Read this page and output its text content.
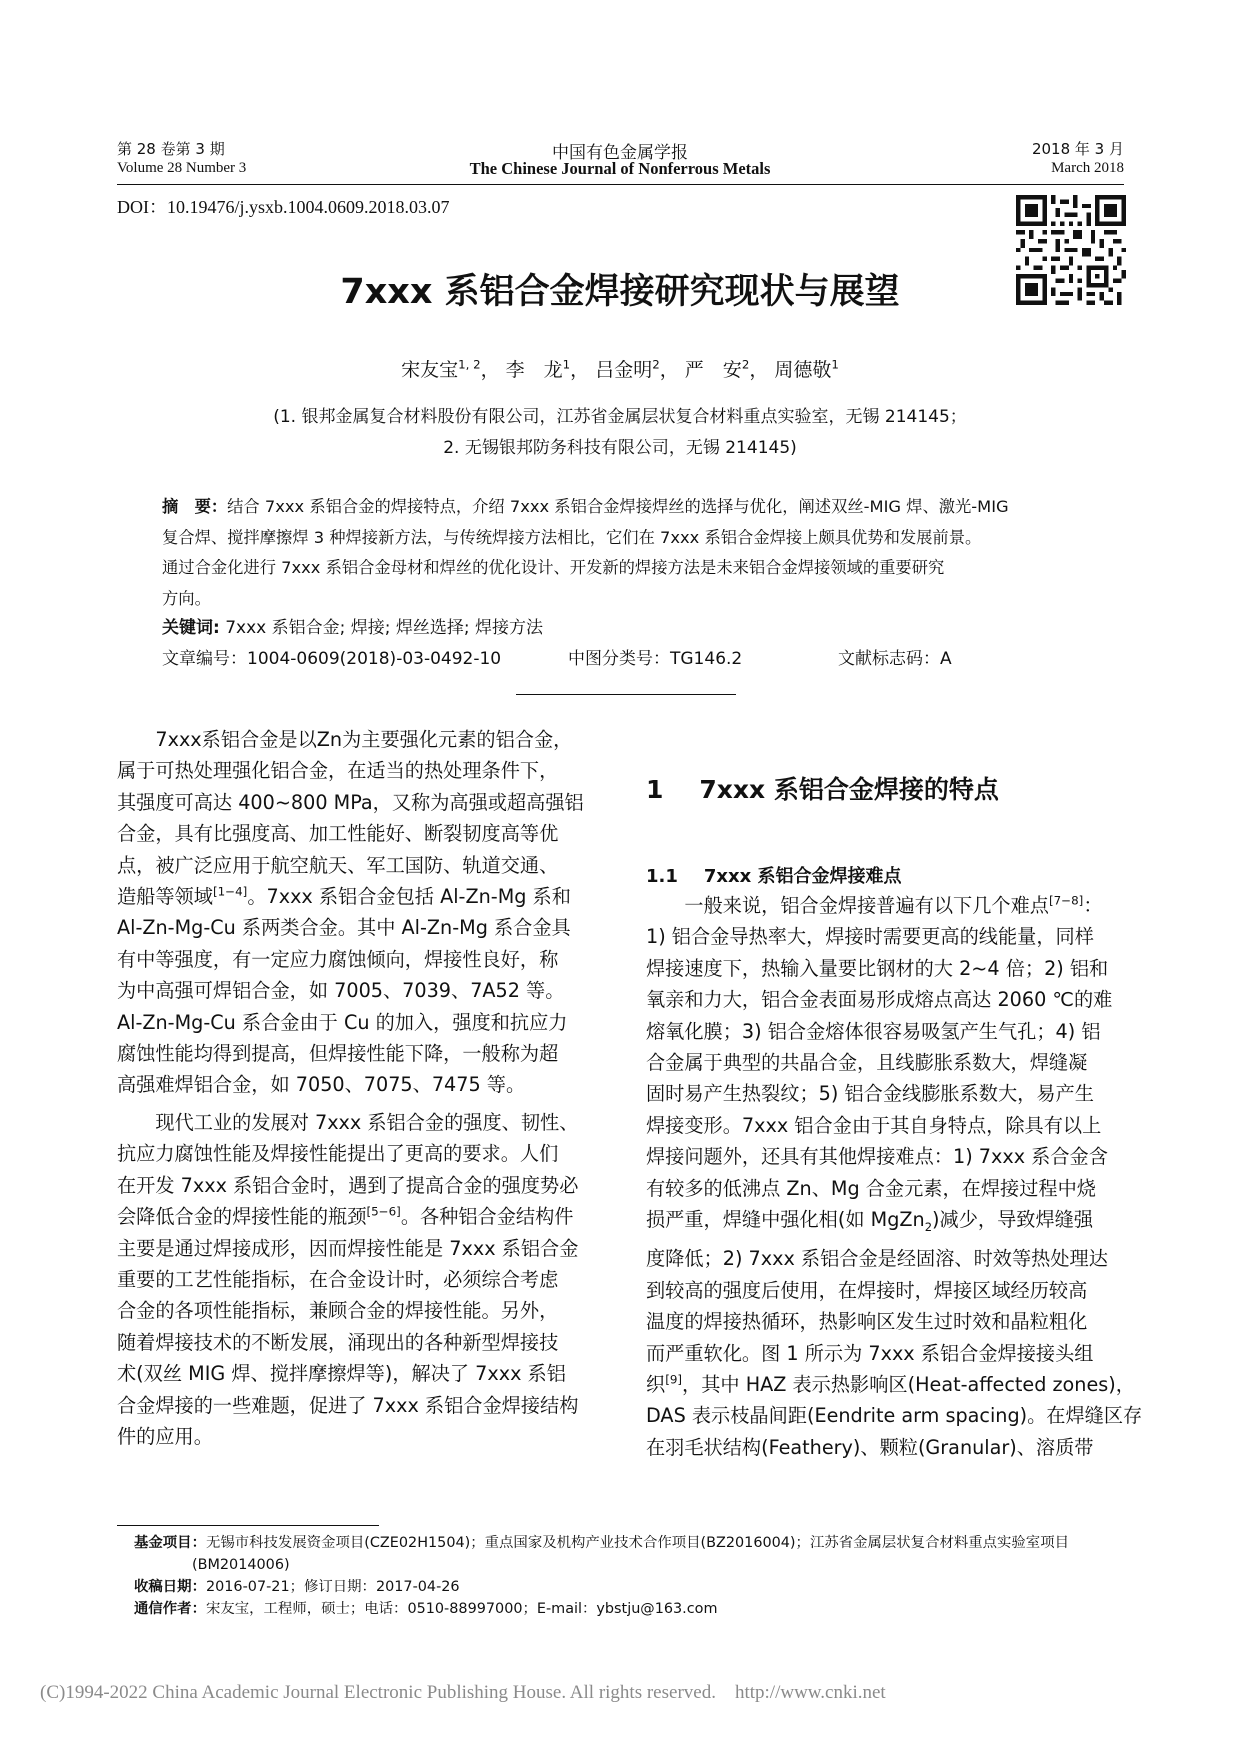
第 28 卷第 3 期
Volume 28 Number 3
中国有色金属学报
The Chinese Journal of Nonferrous Metals
2018 年 3 月
March 2018
DOI：10.19476/j.ysxb.1004.0609.2018.03.07
7xxx 系铝合金焊接研究现状与展望
宋友宝$^{1, 2}$， 李　龙$^1$， 吕金明$^2$， 严　安$^2$， 周德敬$^1$
(1. 银邦金属复合材料股份有限公司，江苏省金属层状复合材料重点实验室，无锡 214145；
2. 无锡银邦防务科技有限公司，无锡 214145)
摘　要：结合 7xxx 系铝合金的焊接特点，介绍 7xxx 系铝合金焊接焊丝的选择与优化，阐述双丝-MIG 焊、激光-MIG
复合焊、搅拌摩擦焊 3 种焊接新方法，与传统焊接方法相比，它们在 7xxx 系铝合金焊接上颇具优势和发展前景。
通过合金化进行 7xxx 系铝合金母材和焊丝的优化设计、开发新的焊接方法是未来铝合金焊接领域的重要研究
方向。
关键词: 7xxx 系铝合金; 焊接; 焊丝选择; 焊接方法
文章编号：1004-0609(2018)-03-0492-10	中图分类号：TG146.2	文献标志码：A
7xxx系铝合金是以Zn为主要强化元素的铝合金，
属于可热处理强化铝合金，在适当的热处理条件下，
其强度可高达 400~800 MPa，又称为高强或超高强铝
合金，具有比强度高、加工性能好、断裂韧度高等优
点，被广泛应用于航空航天、军工国防、轨道交通、
造船等领域[1−4]。7xxx 系铝合金包括 Al-Zn-Mg 系和
Al-Zn-Mg-Cu 系两类合金。其中 Al-Zn-Mg 系合金具
有中等强度，有一定应力腐蚀倾向，焊接性良好，称
为中高强可焊铝合金，如 7005、7039、7A52 等。
Al-Zn-Mg-Cu 系合金由于 Cu 的加入，强度和抗应力
腐蚀性能均得到提高，但焊接性能下降，一般称为超
高强难焊铝合金，如 7050、7075、7475 等。
现代工业的发展对 7xxx 系铝合金的强度、韧性、
抗应力腐蚀性能及焊接性能提出了更高的要求。人们
在开发 7xxx 系铝合金时，遇到了提高合金的强度势必
会降低合金的焊接性能的瓶颈[5−6]。各种铝合金结构件
主要是通过焊接成形，因而焊接性能是 7xxx 系铝合金
重要的工艺性能指标，在合金设计时，必须综合考虑
合金的各项性能指标，兼顾合金的焊接性能。另外，
随着焊接技术的不断发展，涌现出的各种新型焊接技
术(双丝 MIG 焊、搅拌摩擦焊等)，解决了 7xxx 系铝
合金焊接的一些难题，促进了 7xxx 系铝合金焊接结构
件的应用。
1 7xxx 系铝合金焊接的特点
1.1 7xxx 系铝合金焊接难点
一般来说，铝合金焊接普遍有以下几个难点[7−8]：
1) 铝合金导热率大，焊接时需要更高的线能量，同样
焊接速度下，热输入量要比钢材的大 2~4 倍；2) 铝和
氧亲和力大，铝合金表面易形成熔点高达 2060 ℃的难
熔氧化膜；3) 铝合金熔体很容易吸氢产生气孔；4) 铝
合金属于典型的共晶合金，且线膨胀系数大，焊缝凝
固时易产生热裂纹；5) 铝合金线膨胀系数大，易产生
焊接变形。7xxx 铝合金由于其自身特点，除具有以上
焊接问题外，还具有其他焊接难点：1) 7xxx 系合金含
有较多的低沸点 Zn、Mg 合金元素，在焊接过程中烧
损严重，焊缝中强化相(如 MgZn$_2$)减少，导致焊缝强
度降低；2) 7xxx 系铝合金是经固溶、时效等热处理达
到较高的强度后使用，在焊接时，焊接区域经历较高
温度的焊接热循环，热影响区发生过时效和晶粒粗化
而严重软化。图 1 所示为 7xxx 系铝合金焊接接头组
织[9]，其中 HAZ 表示热影响区(Heat-affected zones)，
DAS 表示枝晶间距(Eendrite arm spacing)。在焊缝区存
在羽毛状结构(Feathery)、颗粒(Granular)、溶质带
基金项目：无锡市科技发展资金项目(CZE02H1504)；重点国家及机构产业技术合作项目(BZ2016004)；江苏省金属层状复合材料重点实验室项目
(BM2014006)
收稿日期：2016-07-21；修订日期：2017-04-26
通信作者：宋友宝，工程师，硕士；电话：0510-88997000；E-mail：ybstju@163.com
(C)1994-2022 China Academic Journal Electronic Publishing House. All rights reserved.    http://www.cnki.net
